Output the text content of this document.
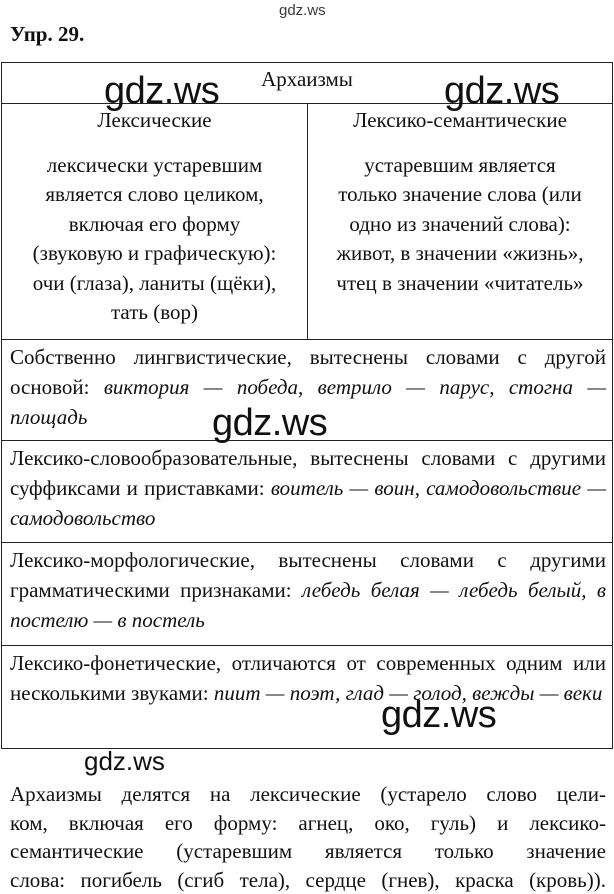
gdz.ws
Упр. 29.
Архаизмы
Лексические
лексически устаревшим
является слово целиком,
включая его форму
(звуковую и графическую):
очи (глаза), ланиты (щёки),
тать (вор)
Лексико-семантические
устаревшим является
только значение слова (или
одно из значений слова):
живот, в значении «жизнь»,
чтец в значении «читатель»
Собственно лингвистические, вытеснены словами с другой основой: виктория — победа, ветрило — парус, стогна — площадь
Лексико-словообразовательные, вытеснены словами с другими суффиксами и приставками: воитель — воин, самодовольствие — самодовольство
Лексико-морфологические, вытеснены словами с другими грамматическими признаками: лебедь белая — лебедь белый, в постелю — в постель
Лексико-фонетические, отличаются от современных одним или несколькими звуками: пиит — поэт, глад — голод, вежды — веки
Архаизмы делятся на лексические (устарело слово цели-
ком, включая его форму: агнец, око, гуль) и лексико-
семантические (устаревшим является только значение
слова: погибель (сгиб тела), сердце (гнев), краска (кровь)).
gdz.ws	gdz.ws
gdz.ws
gdz.ws
gdz.ws
